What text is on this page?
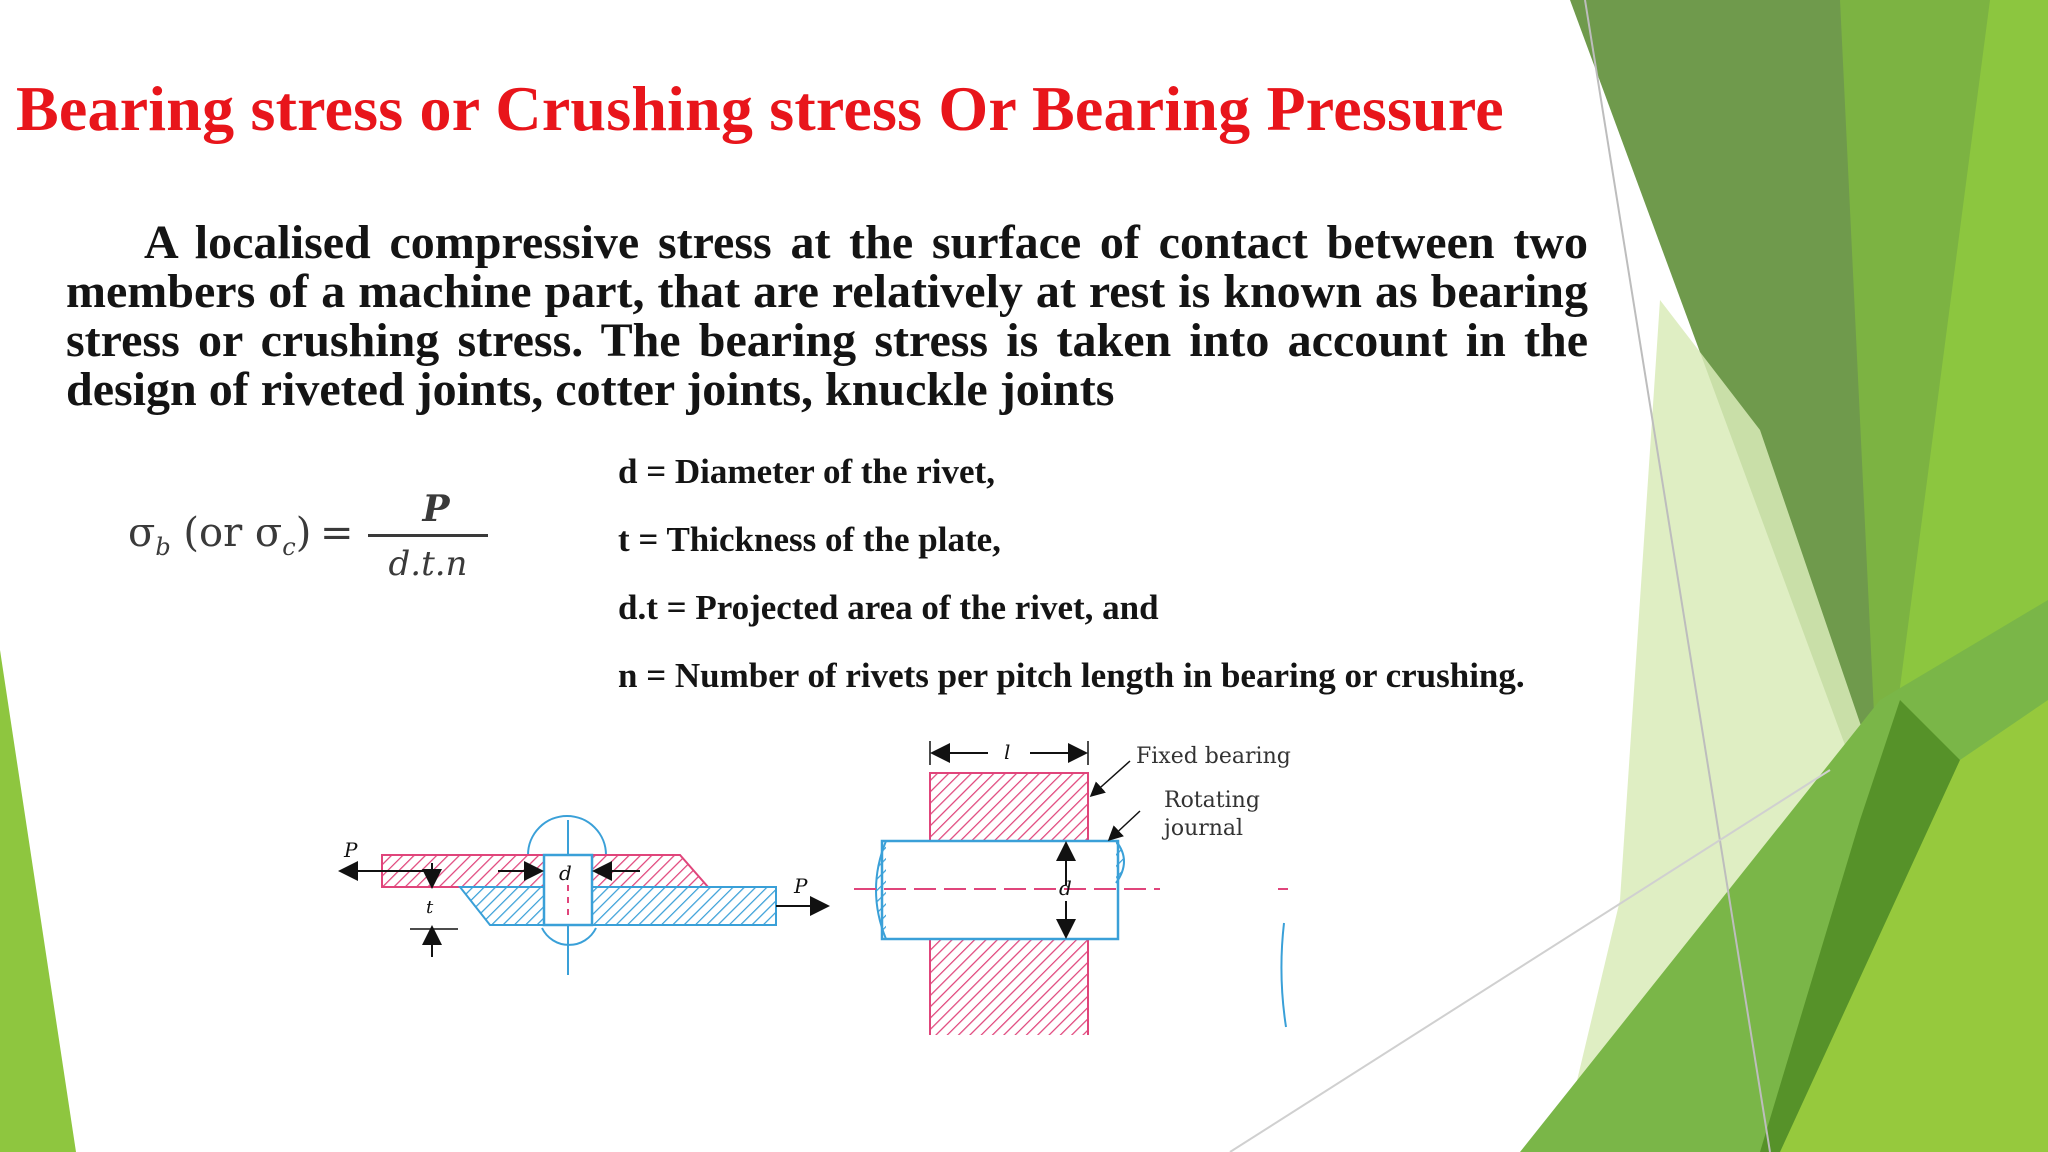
Bearing stress or Crushing stress Or Bearing Pressure

A localised compressive stress at the surface of contact between two members of a machine part, that are relatively at rest is known as bearing stress or crushing stress. The bearing stress is taken into account in the design of riveted joints, cotter joints, knuckle joints

$\sigma_b$ (or $\sigma_c$) =
P
d.t.n
d = Diameter of the rivet,
t = Thickness of the plate,
d.t = Projected area of the rivet, and
n = Number of rivets per pitch length in bearing or crushing.
P
P
d
t
d
l	Fixed bearing
Rotating
journal
